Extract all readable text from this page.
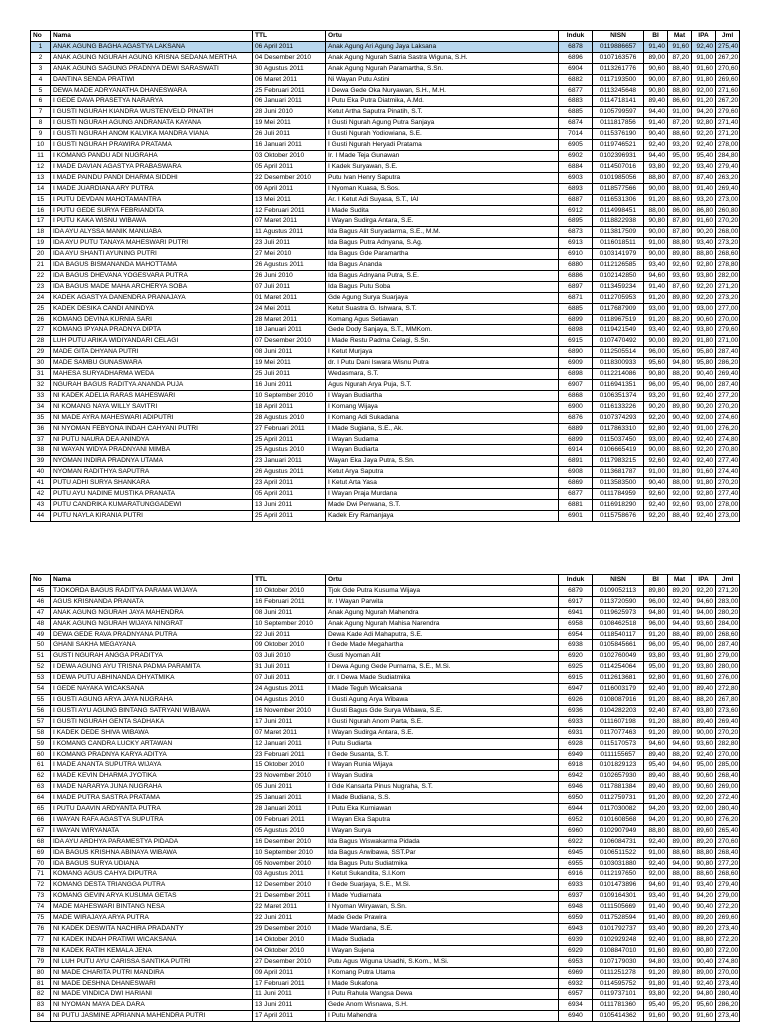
No	Nama	TTL	Ortu	Induk	NISN	BI	Mat	IPA	Jml
1	ANAK AGUNG BAGHA AGASTYA LAKSANA	06 April 2011	Anak Agung Ari Agung Jaya Laksana	6878	0119886657	91,40	91,60	92,40	275,40
2	ANAK AGUNG NGURAH AGUNG KRISNA SEDANA MERTHA	04 Desember 2010	Anak Agung Ngurah Satria Sastra Wiguna, S.H.	6896	0107163576	89,00	87,20	91,00	267,20
3	ANAK AGUNG SAGUNG PRADNYA DEWI SARASWATI	30 Agustus 2011	Anak Agung Ngurah Paramartha, S.Sn.	6904	0113261776	90,60	88,40	91,60	270,60
4	DANTINA SENDA PRATIWI	06 Maret 2011	Ni Wayan Putu Astini	6882	0117193500	90,00	87,80	91,80	269,60
5	DEWA MADE ADRYANATHA DHANESWARA	25 Februari 2011	I Dewa Gede Oka Nuryawan, S.H., M.H.	6877	0113245648	90,80	88,80	92,00	271,60
6	I GEDE DAVA PRASETYA NARARYA	06 Januari 2011	I Putu Eka Putra Diatmika, A.Md.	6883	0114718141	89,40	86,60	91,20	267,20
7	I GUSTI NGURAH KIANDRA WUSTENVELD PINATIH	28 Juni 2010	Ketut Artha Saputra Pinatih, S.T.	6885	0105799597	94,40	91,00	94,20	279,60
8	I GUSTI NGURAH AGUNG ANDRANATA KAYANA	19 Mei 2011	I Gusti Ngurah Agung Putra Sanjaya	6874	0111817856	91,40	87,20	92,80	271,40
9	I GUSTI NGURAH ANOM KALVIKA MANDRA VIANA	26 Juli 2011	I Gusti Ngurah Yodiowiana, S.E.	7014	0115376190	90,40	88,60	92,20	271,20
10	I GUSTI NGURAH PRAWIRA PRATAMA	16 Januari 2011	I Gusti Ngurah Heryadi Pratama	6905	0119746521	92,40	93,20	92,40	278,00
11	I KOMANG PANDU ADI NUGRAHA	03 Oktober 2010	Ir. I Made Teja Gunawan	6902	0102396931	94,40	95,00	95,40	284,80
12	I MADE DAVIAN AGASTYA PRABASWARA	05 April 2011	I Kadek Suryawan, S.E.	6884	0114507016	93,80	92,20	93,40	279,40
13	I MADE PAINDU PANDI DHARMA SIDDHI	22 Desember 2010	Putu Ivan Henry Saputra	6903	0101985056	88,80	87,00	87,40	263,20
14	I MADE JUARDIANA ARY PUTRA	09 April 2011	I Nyoman Kuasa, S.Sos.	6893	0118577566	90,00	88,00	91,40	269,40
15	I PUTU DEVDAN MAHOTAMANTRA	13 Mei 2011	Ar. I Ketut Adi Suyasa, S.T., IAI	6887	0116531306	91,20	88,60	93,20	273,00
16	I PUTU GEDE SURYA FEBRIANDITA	12 Februari 2011	I Made Sudita	6912	0114998451	88,00	86,00	86,80	260,80
17	I PUTU KAKA WISNU WIBAWA	07 Maret 2011	I Wayan Sudirga Antara, S.E.	6895	0118822938	90,80	87,80	91,60	270,20
18	IDA AYU ALYSSA MANIK MANUABA	11 Agustus 2011	Ida Bagus Alit Suryadarma, S.E., M.M.	6873	0113817509	90,00	87,80	90,20	268,00
19	IDA AYU PUTU TANAYA MAHESWARI PUTRI	23 Juli 2011	Ida Bagus Putra Adnyana, S.Ag.	6913	0116018511	91,00	88,80	93,40	273,20
20	IDA AYU SHANTI AYUNING PUTRI	27 Mei 2010	Ida Bagus Gde Paramartha	6910	0103141979	90,00	89,80	88,80	268,60
21	IDA BAGUS BISMANANDA MAHOTTAMA	26 Agustus 2011	Ida Bagus Ananda	6880	0112126585	93,40	92,60	92,80	278,80
22	IDA BAGUS DHEVANA YOGESVARA PUTRA	26 Juni 2010	Ida Bagus Adnyana Putra, S.E.	6886	0102142850	94,60	93,60	93,80	282,00
23	IDA BAGUS MADE MAHA ARCHERYA SOBA	07 Juli 2011	Ida Bagus Putu Soba	6897	0113459234	91,40	87,60	92,20	271,20
24	KADEK AGASTYA DANENDRA PRANAJAYA	01 Maret 2011	Gde Agung Surya Suarjaya	6871	0112705953	91,20	89,80	92,20	273,20
25	KADEK DESIKA CANDI ANINDYA	24 Mei 2011	Ketut Suastra G. Ishwara, S.T.	6885	0117687909	93,00	91,00	93,00	277,00
26	KOMANG DEVINA KURNIA SARI	28 Maret 2011	Komang Agus Setiawan	6899	0118967519	91,20	88,20	90,60	270,00
27	KOMANG IPYANA PRADNYA DIPTA	18 Januari 2011	Gede Dody Sanjaya, S.T., MMKom.	6898	0119421549	93,40	92,40	93,80	279,60
28	LUH PUTU ARIKA WIDIYANDARI CELAGI	07 Desember 2010	I Made Restu Padma Celagi, S.Sn.	6915	0107470492	90,00	89,20	91,80	271,00
29	MADE GITA DHYANA PUTRI	08 Juni 2011	I Ketut Murjaya	6890	0112505514	96,00	95,60	95,80	287,40
30	MADE SAMBU GUNASWARA	19 Mei 2011	dr. I Putu Dani Iswara Wisnu Putra	6909	0118300933	95,60	94,80	95,80	286,20
31	MAHESA SURYADHARMA WEDA	25 Juli 2011	Wedasmara, S.T.	6898	0112214086	90,80	88,20	90,40	269,40
32	NGURAH BAGUS RADITYA ANANDA PUJA	16 Juni 2011	Agus Ngurah Arya Puja, S.T.	6907	0116941351	96,00	95,40	96,00	287,40
33	NI KADEK ADELIA RARAS MAHESWARI	10 September 2010	I Wayan Budiartha	6868	0106351374	93,20	91,60	92,40	277,20
34	NI KOMANG NAYA WILLY SAVITRI	18 April 2011	I Komang Wijaya	6900	0116133226	90,20	89,80	90,20	270,20
35	NI MADE AYRA MAHESWARI ADIPUTRI	28 Agustus 2010	I Komang Adi Sukadana	6876	0107374293	92,20	90,40	92,00	274,60
36	NI NYOMAN FEBYONA INDAH CAHYANI PUTRI	27 Februari 2011	I Made Sugiana, S.E., Ak.	6889	0117863310	92,80	92,40	91,00	276,20
37	NI PUTU NAURA DEA ANINDYA	25 April 2011	I Wayan Sudama	6899	0115037450	93,00	89,40	92,40	274,80
38	NI WAYAN WIDYA PRADNYANI MIMBA	25 Agustus 2010	I Wayan Budiarta	6914	0106665419	90,00	88,60	92,20	270,80
39	NYOMAN INDIRA PRADNYA UTAMA	23 Januari 2011	Wayan Eka Jaya Putra, S.Sn.	6891	0117983215	92,60	92,40	92,40	277,40
40	NYOMAN RADITHYA SAPUTRA	26 Agustus 2011	Ketut Arya Saputra	6908	0113681787	91,00	91,80	91,60	274,40
41	PUTU ADHI SURYA SHANKARA	23 April 2011	I Ketut Arta Yasa	6869	0113583500	90,40	88,00	91,80	270,20
42	PUTU AYU NADINE MUSTIKA PRANATA	05 April 2011	I Wayan Praja Murdana	6877	0111784959	92,60	92,00	92,80	277,40
43	PUTU CANDRIKA KUMARATUNGGADEWI	13 Juni 2011	Made Dwi Perwana, S.T.	6881	0116918290	92,40	92,60	93,00	278,00
44	PUTU NAYLA KIRANIA PUTRI	25 April 2011	Kadek Ery Ramanjaya	6901	0115758676	92,20	88,40	92,40	273,00
No	Nama	TTL	Ortu	Induk	NISN	BI	Mat	IPA	Jml
45	TJOKORDA BAGUS RADITYA PARAMA WIJAYA	10 Oktober 2010	Tjok Gde Putra Kusuma Wijaya	6879	0109052113	89,80	89,20	92,20	271,20
46	AGUS KRISNANDA PRANATA	16 Februari 2011	Ir. I Wayan Parwita	6917	0113720590	96,00	92,40	94,60	283,00
47	ANAK AGUNG NGURAH JAYA MAHENDRA	08 Juni 2011	Anak Agung Ngurah Mahendra	6941	0119625973	94,80	91,40	94,00	280,20
48	ANAK AGUNG NGURAH WIJAYA NINGRAT	10 September 2010	Anak Agung Ngurah Mahisa Narendra	6958	0108462518	96,00	94,40	93,60	284,00
49	DEWA GEDE RAVA PRADNYANA PUTRA	22 Juli 2011	Dewa Kade Adi Mahaputra, S.E.	6954	0118540117	91,20	88,40	89,00	268,60
50	GHANI SAKHA MEGAYANA	09 Oktober 2010	I Gede Made Megahartha	6938	0105845661	96,00	95,40	96,00	287,40
51	GUSTI NGURAH ANGGA PRADITYA	03 Juli 2010	Gusti Nyoman Alit	6920	0102760049	93,80	93,40	91,80	279,00
52	I DEWA AGUNG AYU TRISNA PADMA PARAMITA	31 Juli 2011	I Dewa Agung Gede Purnama, S.E., M.Si.	6925	0114254064	95,00	91,20	93,80	280,00
53	I DEWA PUTU ABHINANDA DHYATMIKA	07 Juli 2011	dr. I Dewa Made Sudiatmika	6915	0112613681	92,80	91,60	91,60	276,00
54	I GEDE NAYAKA WICAKSANA	24 Agustus 2011	I Made Teguh Wicaksana	6947	0116003179	92,40	91,00	89,40	272,80
55	I GUSTI AGUNG ARYA JAYA NUGRAHA	04 Agustus 2010	I Gusti Agung Arya Wibawa	6926	0108087916	91,20	88,40	88,20	267,80
56	I GUSTI AYU AGUNG BINTANG SATRYANI WIBAWA	16 November 2010	I Gusti Bagus Gde Surya Wibawa, S.E.	6936	0104282203	92,40	87,40	93,80	273,60
57	I GUSTI NGURAH GENTA SADHAKA	17 Juni 2011	I Gusti Ngurah Anom Parta, S.E.	6933	0111607198	91,20	88,80	89,40	269,40
58	I KADEK DEDE SHIVA WIBAWA	07 Maret 2011	I Wayan Sudirga Antara, S.E.	6931	0117077463	91,20	89,00	90,00	270,20
59	I KOMANG CANDRA LUCKY ARTAWAN	12 Januari 2011	I Putu Sudiarta	6928	0115170573	94,60	94,60	93,60	282,80
60	I KOMANG PRADNYA KARYA ADITYA	23 Februari 2011	I Gede Susanta, S.T.	6949	0111155657	89,40	88,20	92,40	270,00
61	I MADE ANANTA SUPUTRA WIJAYA	15 Oktober 2010	I Wayan Runia Wijaya	6918	0101829123	95,40	94,60	95,00	285,00
62	I MADE KEVIN DHARMA JYOTIKA	23 November 2010	I Wayan Sudira	6942	0102657930	89,40	88,40	90,60	268,40
63	I MADE NARARYA JUNA NUGRAHA	05 Juni 2011	I Gde Kansarta Pinus Nugraha, S.T.	6946	0117881384	89,40	89,00	90,60	269,00
64	I MADE PUTRA SASTRA PRATAMA	25 Januari 2011	I Made Budiana, S.S.	6950	0112759731	91,20	89,00	92,20	272,40
65	I PUTU DAAVIN ARDYANTA PUTRA	28 Januari 2011	I Putu Eka Kurniawan	6944	0117030082	94,20	93,20	92,00	280,40
66	I WAYAN RAFA AGASTYA SUPUTRA	09 Februari 2011	I Wayan Eka Saputra	6952	0101608568	94,20	91,20	90,80	276,20
67	I WAYAN WIRYANATA	05 Agustus 2010	I Wayan Surya	6960	0102907949	88,80	88,00	89,60	265,40
68	IDA AYU ARDHYA PARAMESTYA PIDADA	16 Desember 2010	Ida Bagus Wiswakarma Pidada	6922	0106084731	92,40	89,00	89,20	270,60
69	IDA BAGUS KRISHNA ABINAYA WIBAWA	10 September 2010	Ida Bagus Arwibawa, SST.Par	6945	0106511522	91,00	88,60	88,80	268,40
70	IDA BAGUS SURYA UDIANA	05 November 2010	Ida Bagus Putu Sudiatmika	6955	0103031880	92,40	94,00	90,80	277,20
71	KOMANG AGUS CAHYA DIPUTRA	03 Agustus 2011	I Ketut Sukandita, S.I.Kom	6916	0112197650	92,00	88,00	88,60	268,60
72	KOMANG DESTA TRIANGGA PUTRA	12 Desember 2010	I Gede Suarjaya, S.E., M.Si.	6933	0101473896	94,60	91,40	93,40	279,40
73	KOMANG GEVIN ARYA KUSUMA GETAS	21 Desember 2011	I Made Yudiarnata	6937	0109164301	93,40	91,40	94,20	279,00
74	MADE MAHESWARI BINTANG NESA	22 Maret 2011	I Nyoman Wiryawan, S.Sn.	6948	0111505669	91,40	90,40	90,40	272,20
75	MADE WIRAJAYA ARYA PUTRA	22 Juni 2011	Made Gede Prawira	6959	0117528594	91,40	89,00	89,20	269,60
76	NI KADEK DESWITA NACHIRA PRADANTY	29 Desember 2010	I Made Wardana, S.E.	6943	0101792737	93,40	90,80	89,20	273,40
77	NI KADEK INDAH PRATIWI WICAKSANA	14 Oktober 2010	I Made Sudiada	6939	0102929248	92,40	91,00	88,80	272,20
78	NI KADEK RATIH KEMALA JENA	04 Oktober 2010	I Wayan Sujena	6929	0108847010	91,60	89,60	90,80	272,00
79	NI LUH PUTU AYU CARISSA SANTIKA PUTRI	27 Desember 2010	Putu Agus Wiguna Usadhi, S.Kom., M.Si.	6953	0107179030	94,80	93,00	90,40	274,80
80	NI MADE CHARITA PUTRI MANDIRA	09 April 2011	I Komang Putra Utama	6969	0111251278	91,20	89,80	89,00	270,00
81	NI MADE DESHNA DHANESWARI	17 Februari 2011	I Made Sukafona	6932	0114595752	91,80	91,40	92,40	273,40
82	NI MADE VINDICA DWI HARIANI	11 Juni 2011	I Putu Rahula Wangsa Dewa	6957	0119737101	93,80	92,20	94,80	280,40
83	NI NYOMAN MAYA DEA DARA	13 Juni 2011	Gede Anom Wisnawa, S.H.	6934	0111781360	95,40	95,20	95,60	286,20
84	NI PUTU JASMINE APRIANNA MAHENDRA PUTRI	17 April 2011	I Putu Mahendra	6940	0105414362	91,60	90,20	91,60	273,40
